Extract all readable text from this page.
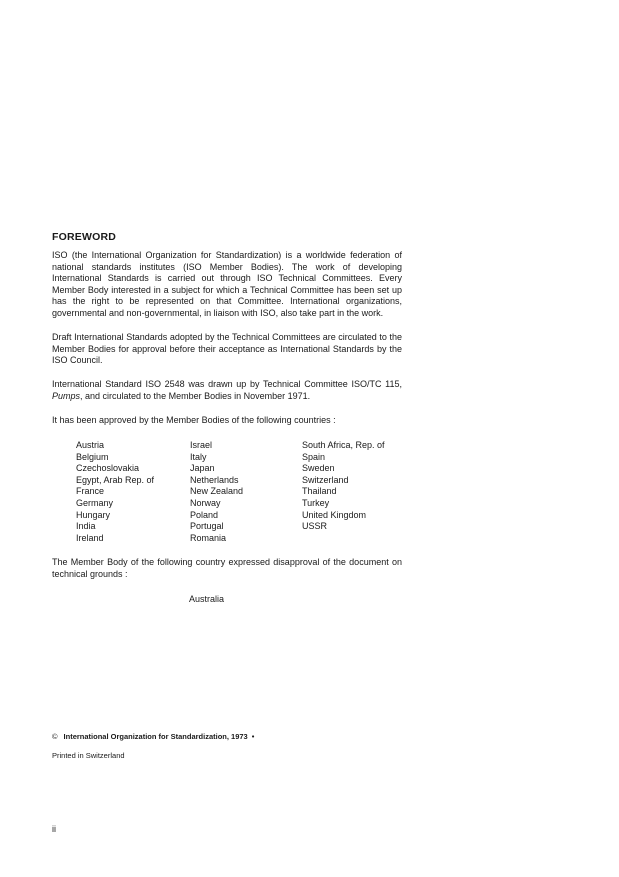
FOREWORD

ISO (the International Organization for Standardization) is a worldwide federation of national standards institutes (ISO Member Bodies). The work of developing International Standards is carried out through ISO Technical Committees. Every Member Body interested in a subject for which a Technical Committee has been set up has the right to be represented on that Committee. International organizations, governmental and non-governmental, in liaison with ISO, also take part in the work.

Draft International Standards adopted by the Technical Committees are circulated to the Member Bodies for approval before their acceptance as International Standards by the ISO Council.

International Standard ISO 2548 was drawn up by Technical Committee ISO/TC 115, Pumps, and circulated to the Member Bodies in November 1971.

It has been approved by the Member Bodies of the following countries :

Austria
Belgium
Czechoslovakia
Egypt, Arab Rep. of
France
Germany
Hungary
India
Ireland
Israel
Italy
Japan
Netherlands
New Zealand
Norway
Poland
Portugal
Romania
South Africa, Rep. of
Spain
Sweden
Switzerland
Thailand
Turkey
United Kingdom
USSR

The Member Body of the following country expressed disapproval of the document on technical grounds :

Australia
© International Organization for Standardization, 1973 •
Printed in Switzerland
ii
